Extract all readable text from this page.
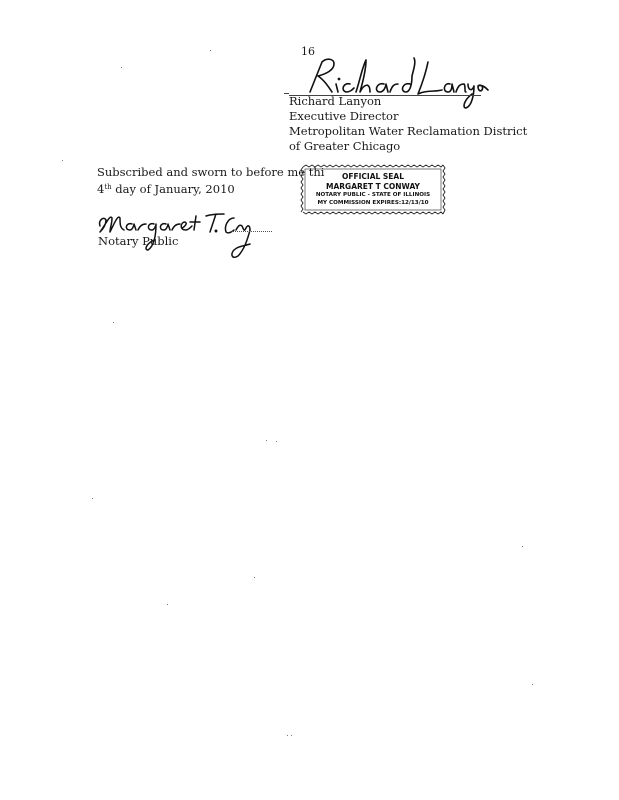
16
Richard Lanyon
Executive Director
Metropolitan Water Reclamation District
of Greater Chicago
Subscribed and sworn to before me thi
4th day of January, 2010
OFFICIAL SEAL
MARGARET T CONWAY
NOTARY PUBLIC - STATE OF ILLINOIS
MY COMMISSION EXPIRES:12/13/10
Notary Public
